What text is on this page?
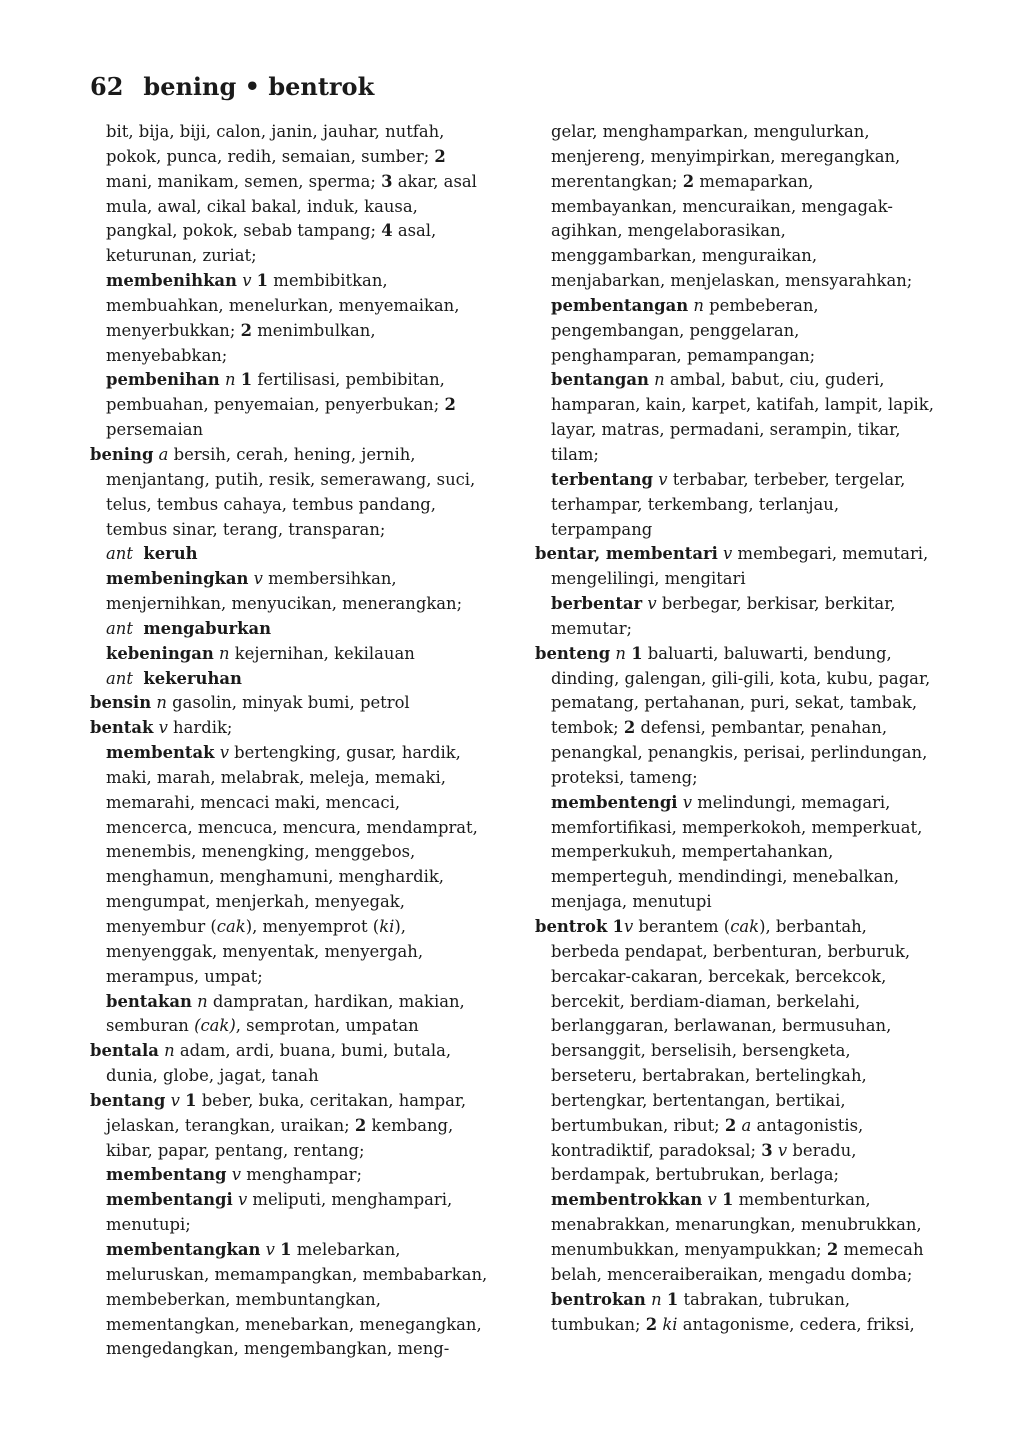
62 bening • bentrok

bit, bija, biji, calon, janin, jauhar, nutfah, pokok, punca, redih, semaian, sumber; 2 mani, manikam, semen, sperma; 3 akar, asal mula, awal, cikal bakal, induk, kausa, pangkal, pokok, sebab tampang; 4 asal, keturunan, zuriat;

membenihkan v 1 membibitkan, membuahkan, menelurkan, menyemaikan, menyerbukkan; 2 menimbulkan, menyebabkan;

pembenihan n 1 fertilisasi, pembibitan, pembuahan, penyemaian, penyerbukan; 2 persemaian

bening a bersih, cerah, hening, jernih, menjantang, putih, resik, semerawang, suci, telus, tembus cahaya, tembus pandang, tembus sinar, terang, transparan;

ant keruh

membeningkan v membersihkan, menjernihkan, menyucikan, menerangkan;

ant mengaburkan

kebeningan n kejernihan, kekilauan

ant kekeruhan

bensin n gasolin, minyak bumi, petrol

bentak v hardik;

membentak v bertengking, gusar, hardik, maki, marah, melabrak, meleja, memaki, memarahi, mencaci maki, mencaci, mencerca, mencuca, mencura, mendamprat, menembis, menengking, menggebos, menghamun, menghamuni, menghardik, mengumpat, menjerkah, menyegak, menyembur (cak), menyemprot (ki), menyenggak, menyentak, menyergah, merampus, umpat;

bentakan n dampratan, hardikan, makian, semburan (cak), semprotan, umpatan

bentala n adam, ardi, buana, bumi, butala, dunia, globe, jagat, tanah

bentang v 1 beber, buka, ceritakan, hampar, jelaskan, terangkan, uraikan; 2 kembang, kibar, papar, pentang, rentang;

membentang v menghampar;

membentangi v meliputi, menghampari, menutupi;

membentangkan v 1 melebarkan, meluruskan, memampangkan, membabarkan, membeberkan, membuntangkan, mementangkan, menebarkan, menegangkan, mengedangkan, mengembangkan, meng-

gelar, menghamparkan, mengulurkan, menjereng, menyimpirkan, meregangkan, merentangkan; 2 memaparkan, membayankan, mencuraikan, mengagak-agihkan, mengelaborasikan, menggambarkan, menguraikan, menjabarkan, menjelaskan, mensyarahkan;

pembentangan n pembeberan, pengembangan, penggelaran, penghamparan, pemampangan;

bentangan n ambal, babut, ciu, guderi, hamparan, kain, karpet, katifah, lampit, lapik, layar, matras, permadani, serampin, tikar, tilam;

terbentang v terbabar, terbeber, tergelar, terhampar, terkembang, terlanjau, terpampang

bentar, membentari v membegari, memutari, mengelilingi, mengitari

berbentar v berbegar, berkisar, berkitar, memutar;

benteng n 1 baluarti, baluwarti, bendung, dinding, galengan, gili-gili, kota, kubu, pagar, pematang, pertahanan, puri, sekat, tambak, tembok; 2 defensi, pembantar, penahan, penangkal, penangkis, perisai, perlindungan, proteksi, tameng;

membentengi v melindungi, memagari, memfortifikasi, memperkokoh, memperkuat, memperkukuh, mempertahankan, memperteguh, mendindingi, menebalkan, menjaga, menutupi

bentrok 1v berantem (cak), berbantah, berbeda pendapat, berbenturan, berburuk, bercakar-cakaran, bercekak, bercekcok, bercekit, berdiam-diaman, berkelahi, berlanggaran, berlawanan, bermusuhan, bersanggit, berselisih, bersengketa, berseteru, bertabrakan, bertelingkah, bertengkar, bertentangan, bertikai, bertumbukan, ribut; 2 a antagonistis, kontradiktif, paradoksal; 3 v beradu, berdampak, bertubrukan, berlaga;

membentrokkan v 1 membenturkan, menabrakkan, menarungkan, menubrukkan, menumbukkan, menyampukkan; 2 memecah belah, menceraiberaikan, mengadu domba;

bentrokan n 1 tabrakan, tubrukan, tumbukan; 2 ki antagonisme, cedera, friksi,
